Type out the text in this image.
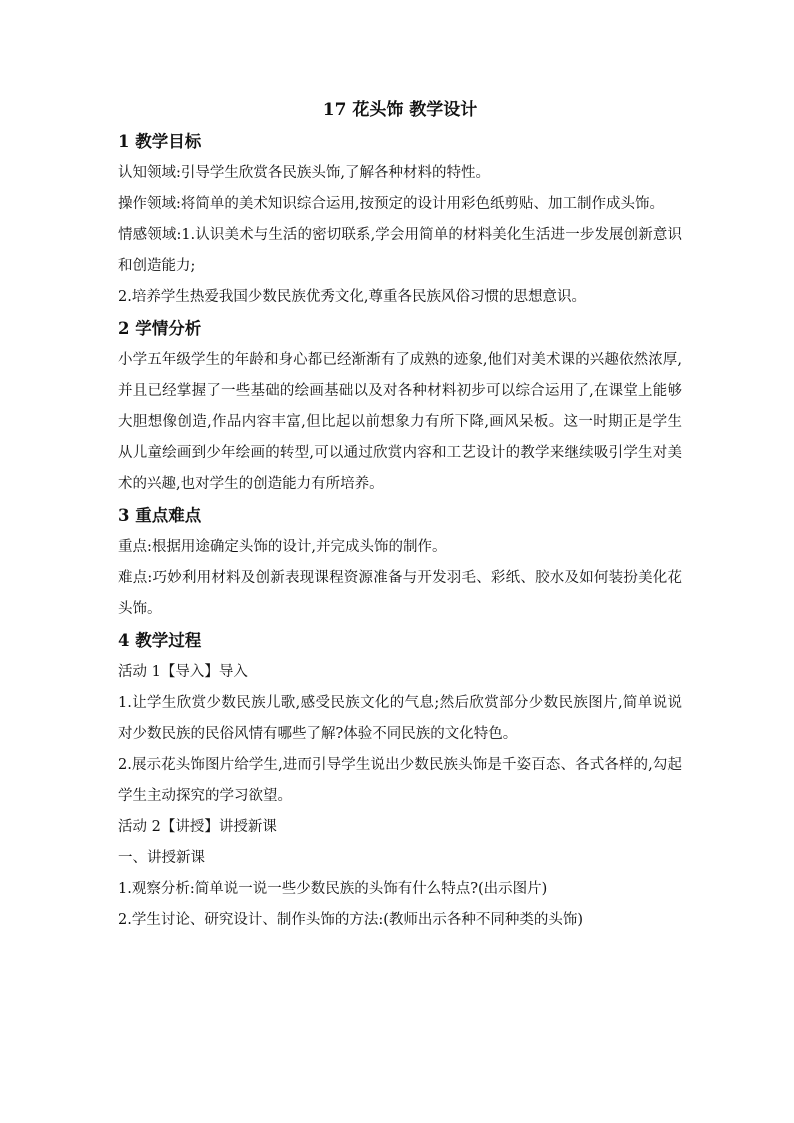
17 花头饰 教学设计
1 教学目标

认知领域:引导学生欣赏各民族头饰,了解各种材料的特性。

操作领域:将简单的美术知识综合运用,按预定的设计用彩色纸剪贴、加工制作成头饰。

情感领域:1.认识美术与生活的密切联系,学会用简单的材料美化生活进一步发展创新意识和创造能力;

2.培养学生热爱我国少数民族优秀文化,尊重各民族风俗习惯的思想意识。

2 学情分析

小学五年级学生的年龄和身心都已经渐渐有了成熟的迹象,他们对美术课的兴趣依然浓厚,并且已经掌握了一些基础的绘画基础以及对各种材料初步可以综合运用了,在课堂上能够大胆想像创造,作品内容丰富,但比起以前想象力有所下降,画风呆板。这一时期正是学生从儿童绘画到少年绘画的转型,可以通过欣赏内容和工艺设计的教学来继续吸引学生对美术的兴趣,也对学生的创造能力有所培养。

3 重点难点

重点:根据用途确定头饰的设计,并完成头饰的制作。

难点:巧妙利用材料及创新表现课程资源准备与开发羽毛、彩纸、胶水及如何装扮美化花头饰。

4 教学过程

活动 1【导入】导入

1.让学生欣赏少数民族儿歌,感受民族文化的气息;然后欣赏部分少数民族图片,简单说说对少数民族的民俗风情有哪些了解?体验不同民族的文化特色。

2.展示花头饰图片给学生,进而引导学生说出少数民族头饰是千姿百态、各式各样的,勾起学生主动探究的学习欲望。

活动 2【讲授】讲授新课

一、讲授新课

1.观察分析:简单说一说一些少数民族的头饰有什么特点?(出示图片)

2.学生讨论、研究设计、制作头饰的方法:(教师出示各种不同种类的头饰)
